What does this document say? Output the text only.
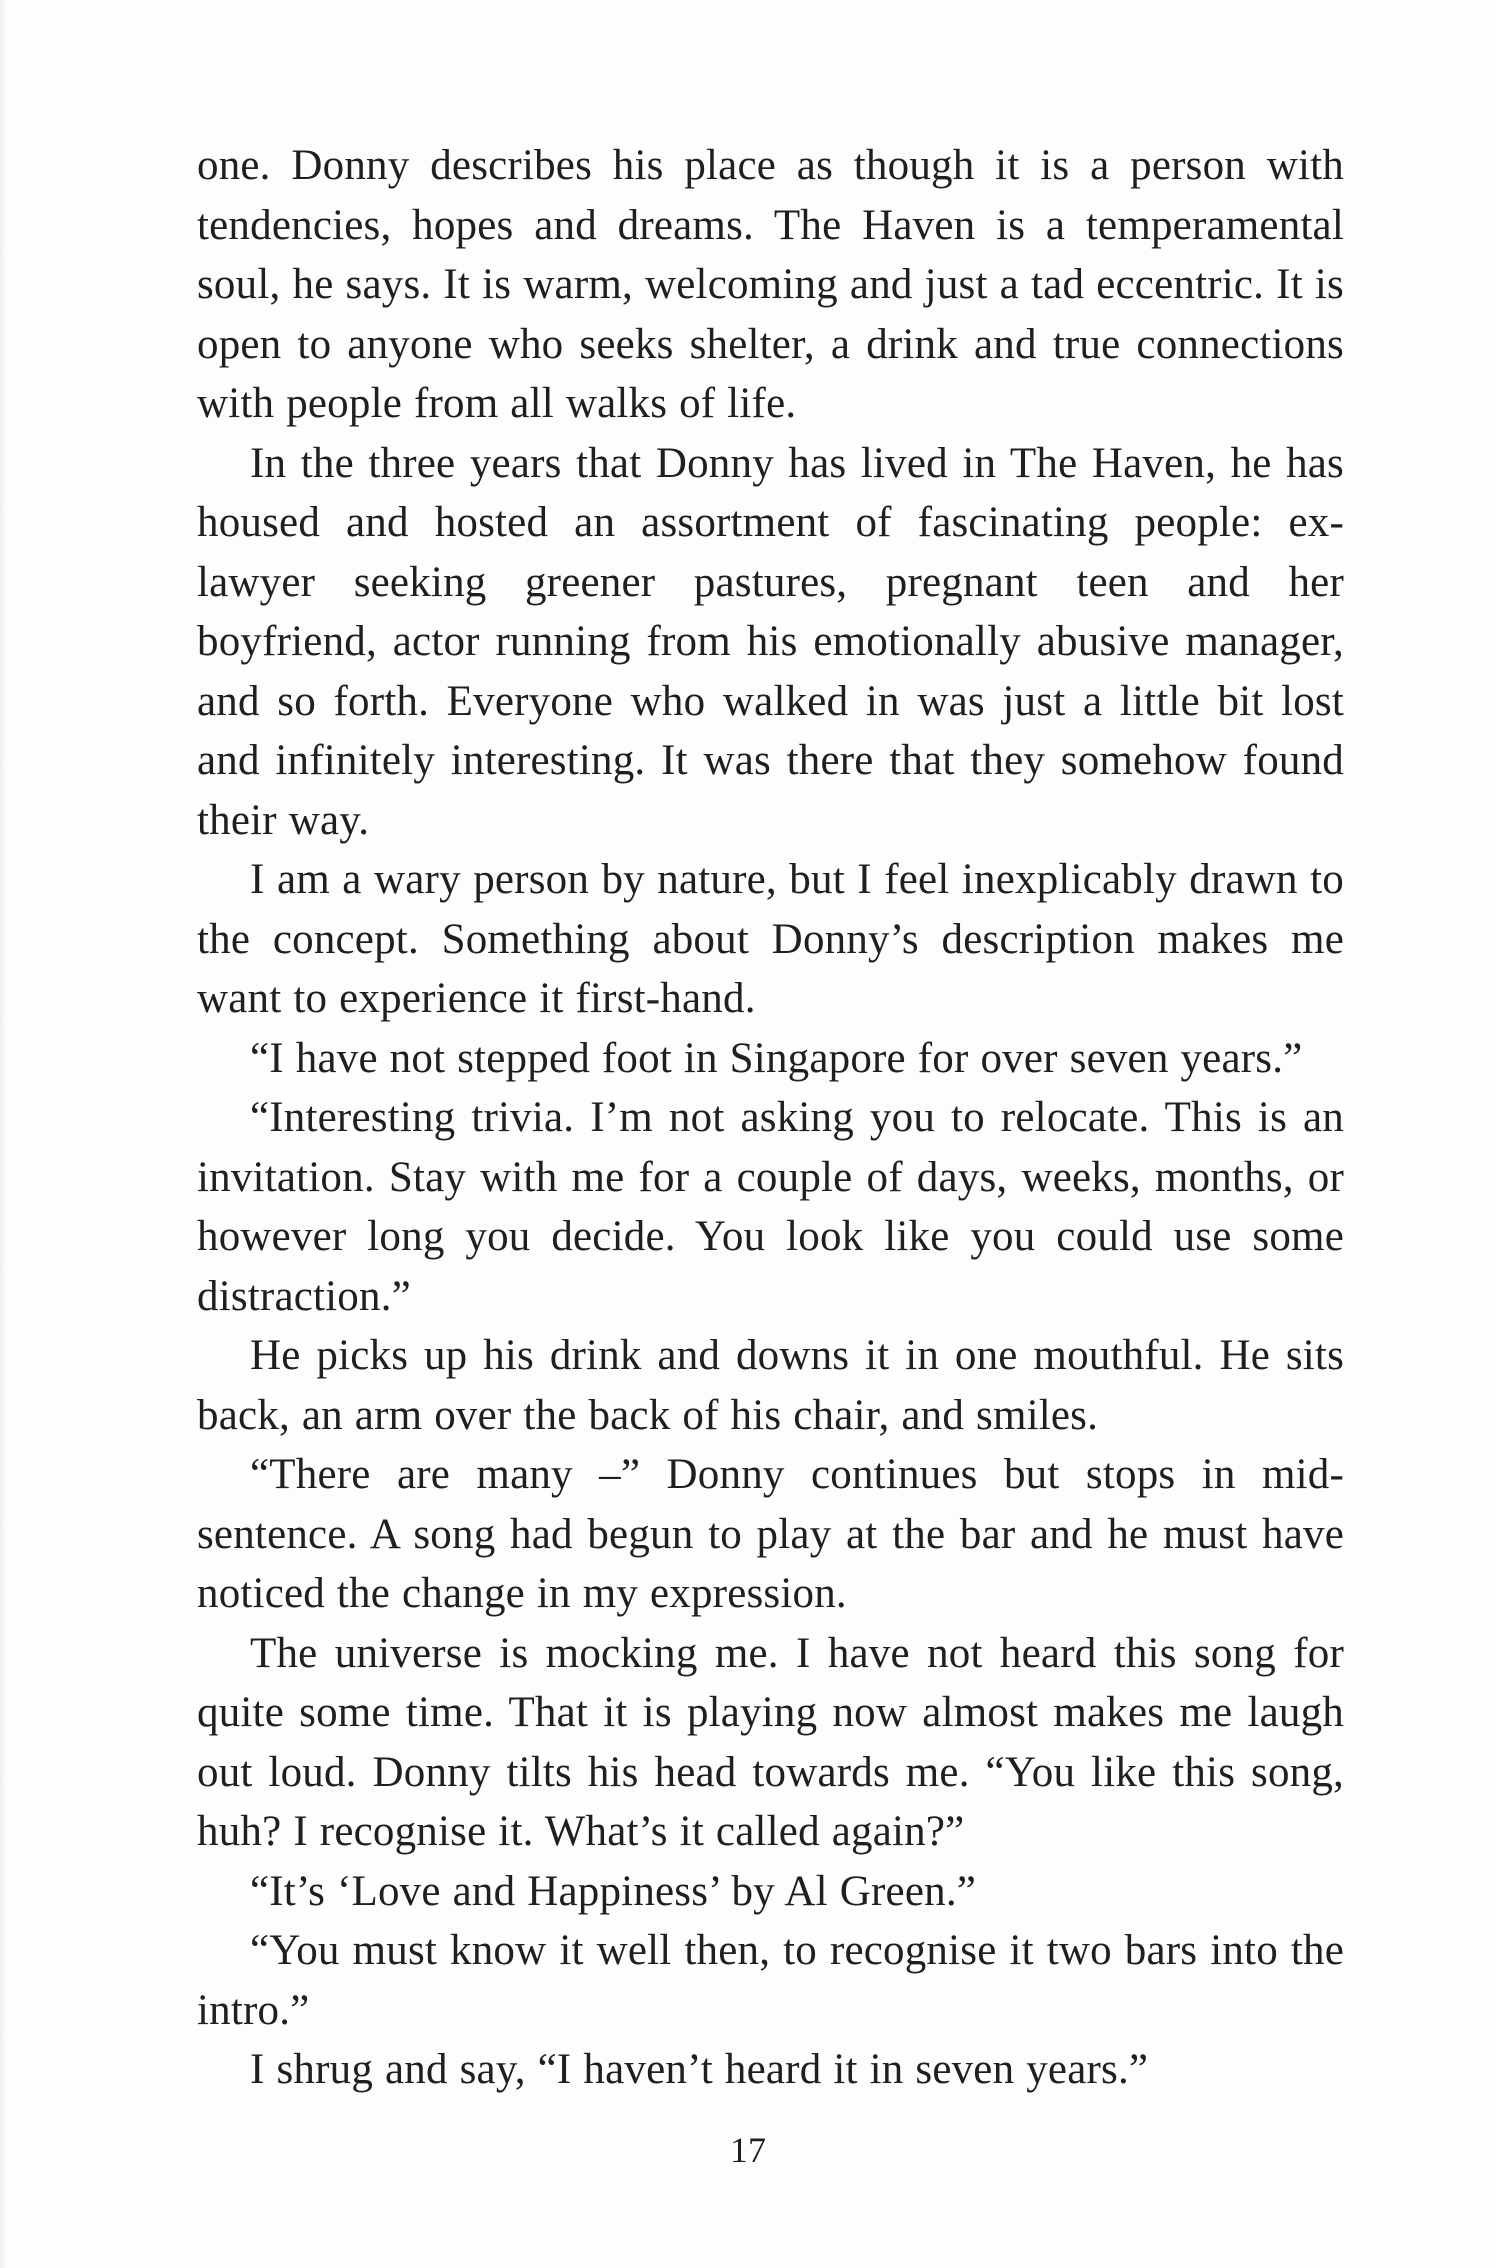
one. Donny describes his place as though it is a person with tendencies, hopes and dreams. The Haven is a temperamental soul, he says. It is warm, welcoming and just a tad eccentric. It is open to anyone who seeks shelter, a drink and true connections with people from all walks of life.

In the three years that Donny has lived in The Haven, he has housed and hosted an assortment of fascinating people: ex-lawyer seeking greener pastures, pregnant teen and her boyfriend, actor running from his emotionally abusive manager, and so forth. Everyone who walked in was just a little bit lost and infinitely interesting. It was there that they somehow found their way.

I am a wary person by nature, but I feel inexplicably drawn to the concept. Something about Donny’s description makes me want to experience it first-hand.

“I have not stepped foot in Singapore for over seven years.”

“Interesting trivia. I’m not asking you to relocate. This is an invitation. Stay with me for a couple of days, weeks, months, or however long you decide. You look like you could use some distraction.”

He picks up his drink and downs it in one mouthful. He sits back, an arm over the back of his chair, and smiles.

“There are many –” Donny continues but stops in mid-sentence. A song had begun to play at the bar and he must have noticed the change in my expression.

The universe is mocking me. I have not heard this song for quite some time. That it is playing now almost makes me laugh out loud. Donny tilts his head towards me. “You like this song, huh? I recognise it. What’s it called again?”

“It’s ‘Love and Happiness’ by Al Green.”

“You must know it well then, to recognise it two bars into the intro.”

I shrug and say, “I haven’t heard it in seven years.”

17
